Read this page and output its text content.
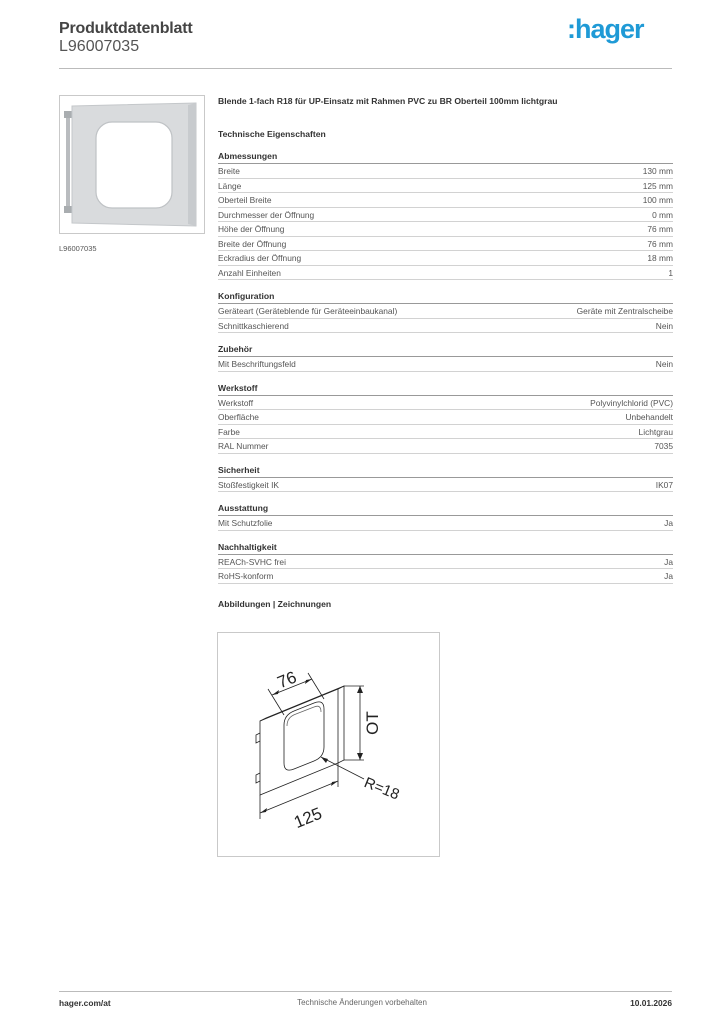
Produktdatenblatt
L96007035
:hager
L96007035
Blende 1-fach R18 für UP-Einsatz mit Rahmen PVC zu BR Oberteil 100mm lichtgrau
Technische Eigenschaften
Abmessungen
Breite	130 mm
Länge	125 mm
Oberteil Breite	100 mm
Durchmesser der Öffnung	0 mm
Höhe der Öffnung	76 mm
Breite der Öffnung	76 mm
Eckradius der Öffnung	18 mm
Anzahl Einheiten	1
Konfiguration
Geräteart (Geräteblende für Geräteeinbaukanal)	Geräte mit Zentralscheibe
Schnittkaschierend	Nein
Zubehör
Mit Beschriftungsfeld	Nein
Werkstoff
Werkstoff	Polyvinylchlorid (PVC)
Oberfläche	Unbehandelt
Farbe	Lichtgrau
RAL Nummer	7035
Sicherheit
Stoßfestigkeit IK	IK07
Ausstattung
Mit Schutzfolie	Ja
Nachhaltigkeit
REACh-SVHC frei	Ja
RoHS-konform	Ja
Abbildungen | Zeichnungen
76
OT
R=18
125
hager.com/at	Technische Änderungen vorbehalten	10.01.2026
